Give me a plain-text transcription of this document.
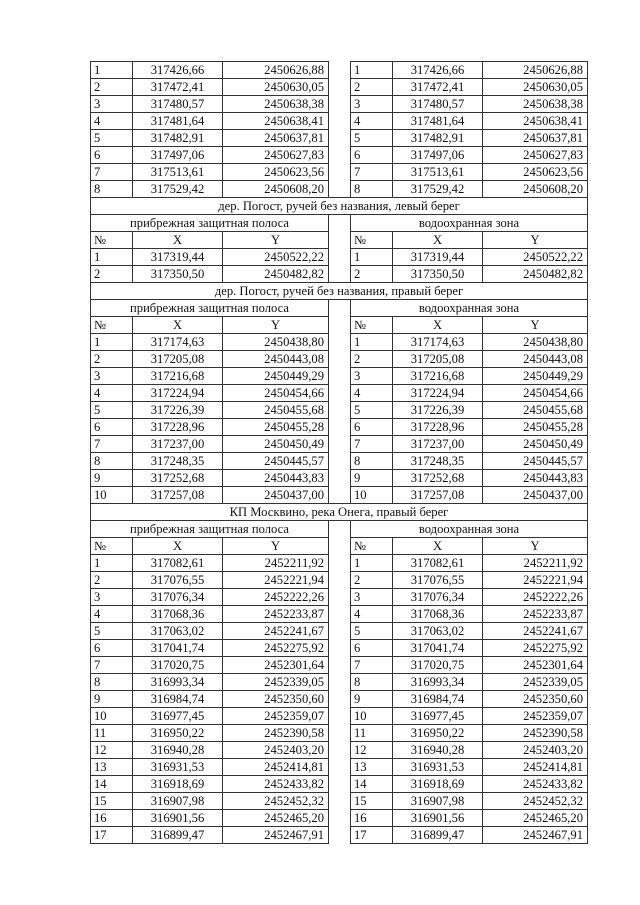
1	317426,66	2450626,88		1	317426,66	2450626,88
2	317472,41	2450630,05		2	317472,41	2450630,05
3	317480,57	2450638,38		3	317480,57	2450638,38
4	317481,64	2450638,41		4	317481,64	2450638,41
5	317482,91	2450637,81		5	317482,91	2450637,81
6	317497,06	2450627,83		6	317497,06	2450627,83
7	317513,61	2450623,56		7	317513,61	2450623,56
8	317529,42	2450608,20		8	317529,42	2450608,20
дер. Погост, ручей без названия, левый берег						
прибрежная защитная полоса				водоохранная зона		
№	X	Y		№	X	Y
1	317319,44	2450522,22		1	317319,44	2450522,22
2	317350,50	2450482,82		2	317350,50	2450482,82
дер. Погост, ручей без названия, правый берег						
прибрежная защитная полоса				водоохранная зона		
№	X	Y		№	X	Y
1	317174,63	2450438,80		1	317174,63	2450438,80
2	317205,08	2450443,08		2	317205,08	2450443,08
3	317216,68	2450449,29		3	317216,68	2450449,29
4	317224,94	2450454,66		4	317224,94	2450454,66
5	317226,39	2450455,68		5	317226,39	2450455,68
6	317228,96	2450455,28		6	317228,96	2450455,28
7	317237,00	2450450,49		7	317237,00	2450450,49
8	317248,35	2450445,57		8	317248,35	2450445,57
9	317252,68	2450443,83		9	317252,68	2450443,83
10	317257,08	2450437,00		10	317257,08	2450437,00
КП Москвино, река Онега, правый берег						
прибрежная защитная полоса				водоохранная зона		
№	X	Y		№	X	Y
1	317082,61	2452211,92		1	317082,61	2452211,92
2	317076,55	2452221,94		2	317076,55	2452221,94
3	317076,34	2452222,26		3	317076,34	2452222,26
4	317068,36	2452233,87		4	317068,36	2452233,87
5	317063,02	2452241,67		5	317063,02	2452241,67
6	317041,74	2452275,92		6	317041,74	2452275,92
7	317020,75	2452301,64		7	317020,75	2452301,64
8	316993,34	2452339,05		8	316993,34	2452339,05
9	316984,74	2452350,60		9	316984,74	2452350,60
10	316977,45	2452359,07		10	316977,45	2452359,07
11	316950,22	2452390,58		11	316950,22	2452390,58
12	316940,28	2452403,20		12	316940,28	2452403,20
13	316931,53	2452414,81		13	316931,53	2452414,81
14	316918,69	2452433,82		14	316918,69	2452433,82
15	316907,98	2452452,32		15	316907,98	2452452,32
16	316901,56	2452465,20		16	316901,56	2452465,20
17	316899,47	2452467,91		17	316899,47	2452467,91
